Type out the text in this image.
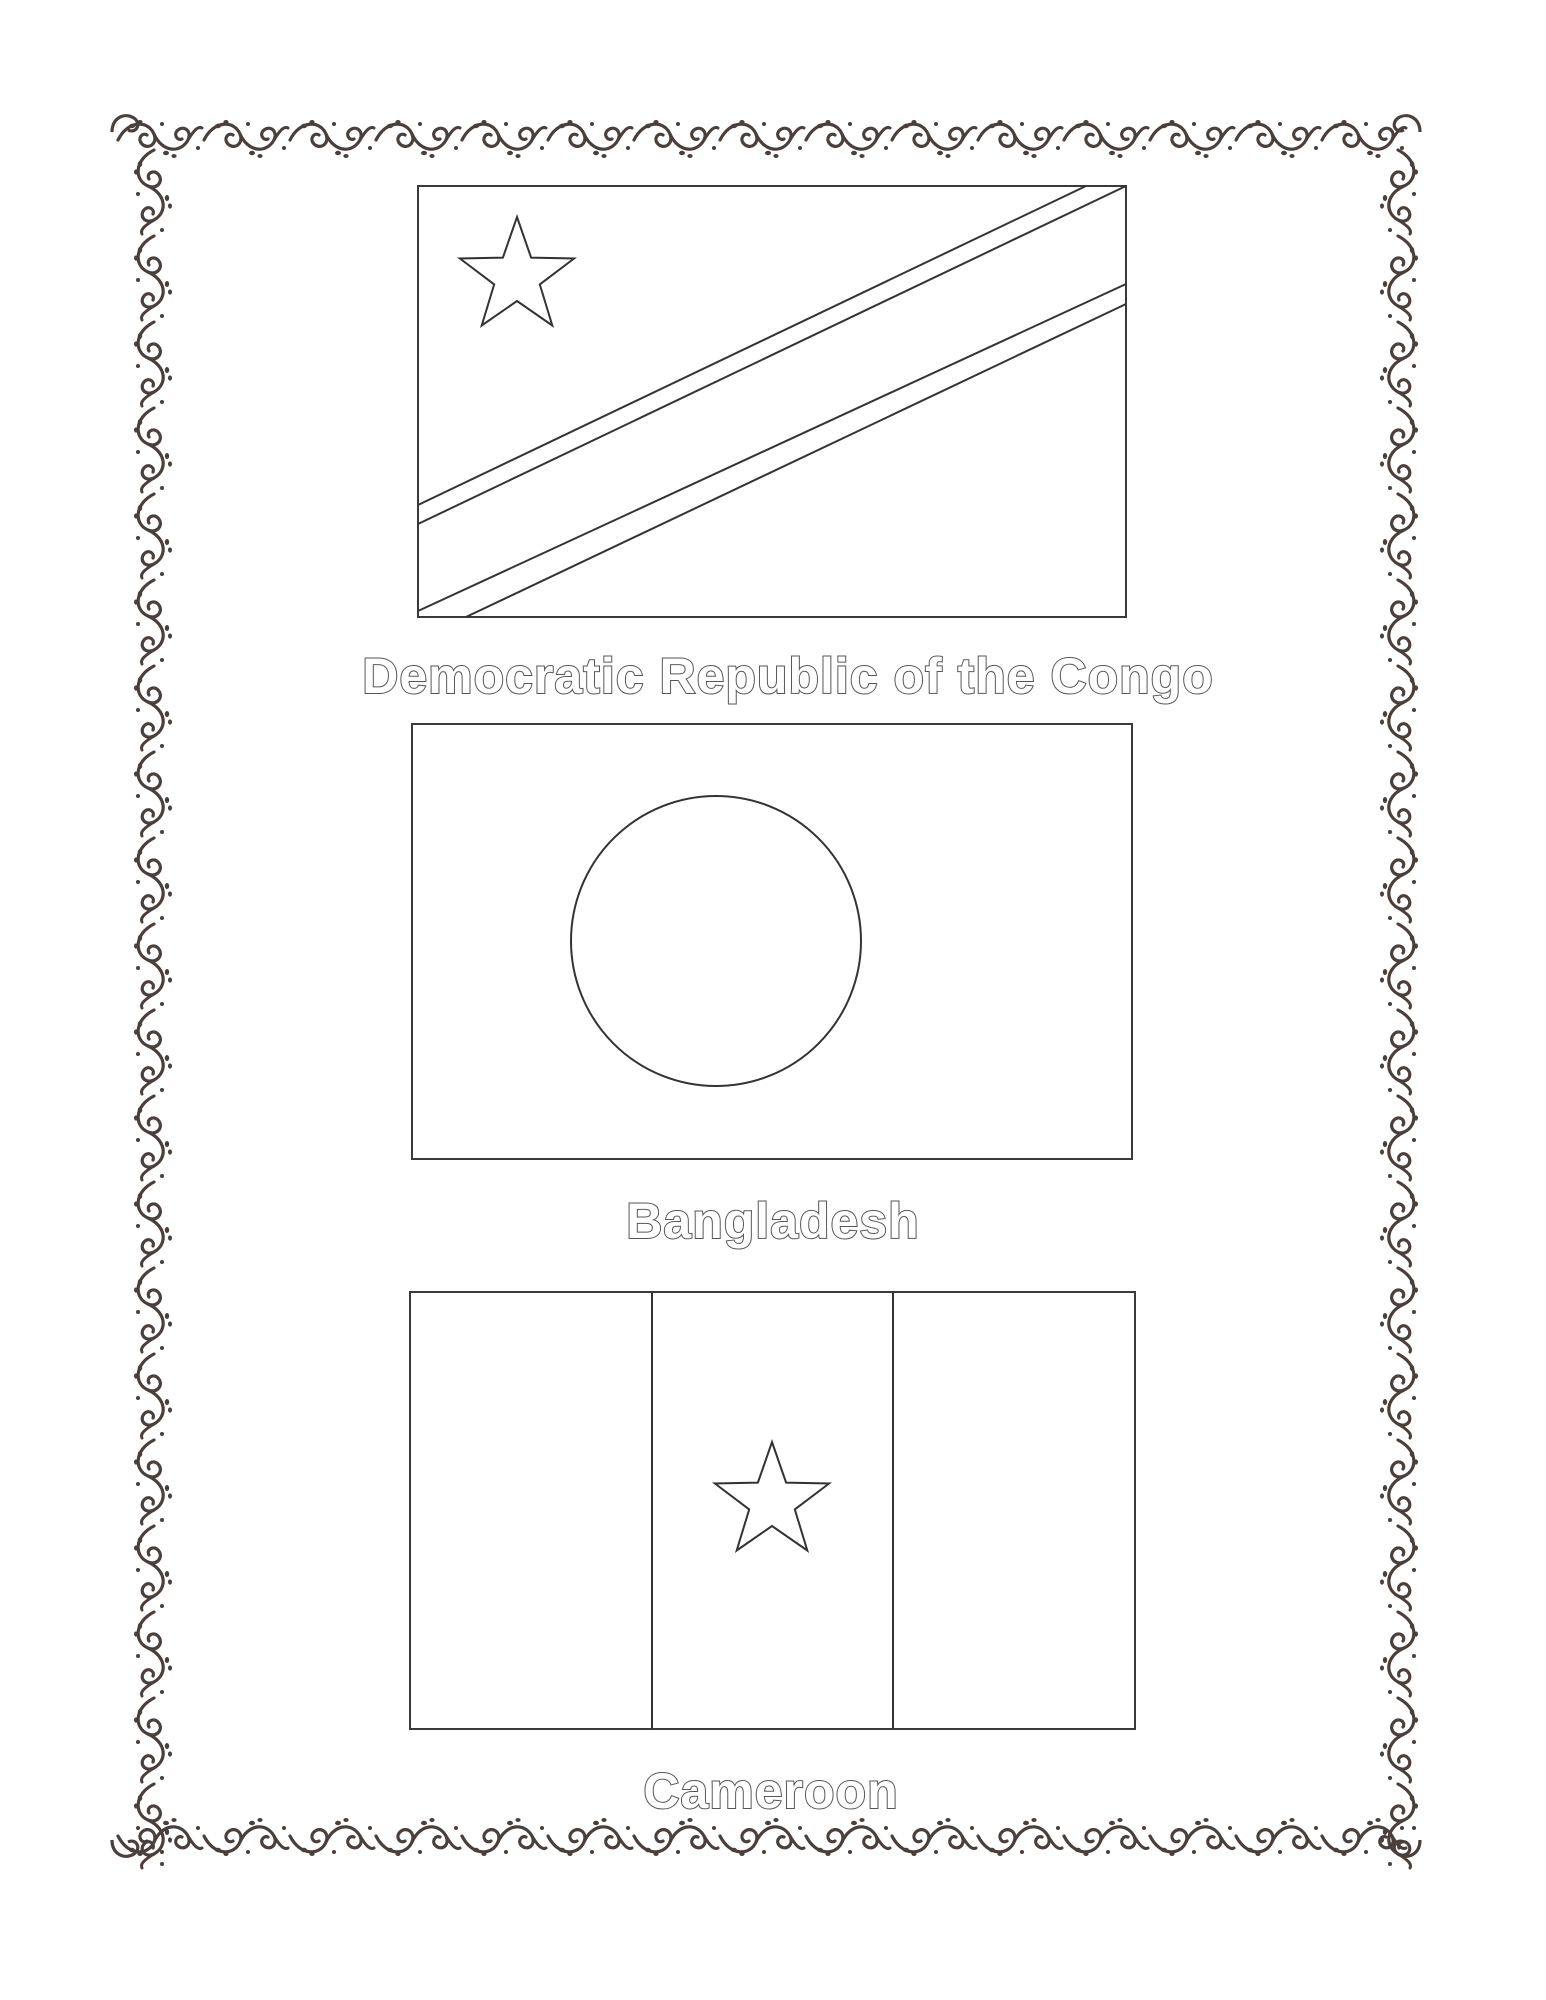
Democratic Republic of the Congo
Bangladesh
Cameroon
